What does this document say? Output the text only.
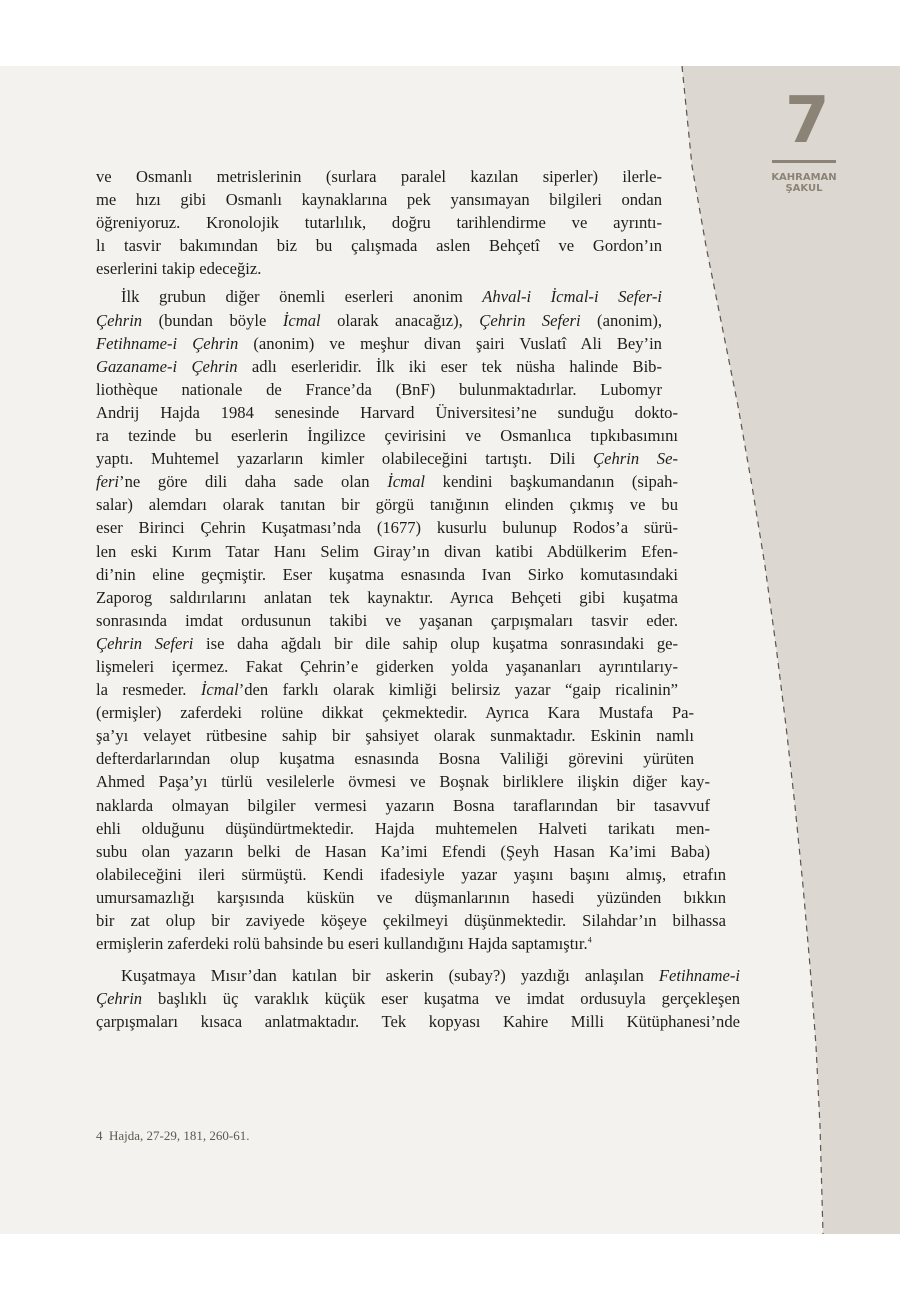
7
KAHRAMAN
ŞAKUL

ve Osmanlı metrislerinin (surlara paralel kazılan siperler) ilerle-
me hızı gibi Osmanlı kaynaklarına pek yansımayan bilgileri ondan
öğreniyoruz. Kronolojik tutarlılık, doğru tarihlendirme ve ayrıntı-
lı tasvir bakımından biz bu çalışmada aslen Behçetî ve Gordon’ın
eserlerini takip edeceğiz.

İlk grubun diğer önemli eserleri anonim Ahval-i İcmal-i Sefer-i
Çehrin (bundan böyle İcmal olarak anacağız), Çehrin Seferi (anonim),
Fetihname-i Çehrin (anonim) ve meşhur divan şairi Vuslatî Ali Bey’in
Gazaname-i Çehrin adlı eserleridir. İlk iki eser tek nüsha halinde Bib-
liothèque nationale de France’da (BnF) bulunmaktadırlar. Lubomyr
Andrij Hajda 1984 senesinde Harvard Üniversitesi’ne sunduğu dokto-
ra tezinde bu eserlerin İngilizce çevirisini ve Osmanlıca tıpkıbasımını
yaptı. Muhtemel yazarların kimler olabileceğini tartıştı. Dili Çehrin Se-
feri’ne göre dili daha sade olan İcmal kendini başkumandanın (sipah-
salar) alemdarı olarak tanıtan bir görgü tanığının elinden çıkmış ve bu
eser Birinci Çehrin Kuşatması’nda (1677) kusurlu bulunup Rodos’a sürü-
len eski Kırım Tatar Hanı Selim Giray’ın divan katibi Abdülkerim Efen-
di’nin eline geçmiştir. Eser kuşatma esnasında Ivan Sirko komutasındaki
Zaporog saldırılarını anlatan tek kaynaktır. Ayrıca Behçeti gibi kuşatma
sonrasında imdat ordusunun takibi ve yaşanan çarpışmaları tasvir eder.
Çehrin Seferi ise daha ağdalı bir dile sahip olup kuşatma sonrasındaki ge-
lişmeleri içermez. Fakat Çehrin’e giderken yolda yaşananları ayrıntılarıy-
la resmeder. İcmal’den farklı olarak kimliği belirsiz yazar “gaip ricalinin”
(ermişler) zaferdeki rolüne dikkat çekmektedir. Ayrıca Kara Mustafa Pa-
şa’yı velayet rütbesine sahip bir şahsiyet olarak sunmaktadır. Eskinin namlı
defterdarlarından olup kuşatma esnasında Bosna Valiliği görevini yürüten
Ahmed Paşa’yı türlü vesilelerle övmesi ve Boşnak birliklere ilişkin diğer kay-
naklarda olmayan bilgiler vermesi yazarın Bosna taraflarından bir tasavvuf
ehli olduğunu düşündürtmektedir. Hajda muhtemelen Halveti tarikatı men-
subu olan yazarın belki de Hasan Ka’imi Efendi (Şeyh Hasan Ka’imi Baba)
olabileceğini ileri sürmüştü. Kendi ifadesiyle yazar yaşını başını almış, etrafın
umursamazlığı karşısında küskün ve düşmanlarının hasedi yüzünden bıkkın
bir zat olup bir zaviyede köşeye çekilmeyi düşünmektedir. Silahdar’ın bilhassa
ermişlerin zaferdeki rolü bahsinde bu eseri kullandığını Hajda saptamıştır.$^4$

Kuşatmaya Mısır’dan katılan bir askerin (subay?) yazdığı anlaşılan Fetihname-i
Çehrin başlıklı üç varaklık küçük eser kuşatma ve imdat ordusuyla gerçekleşen
çarpışmaları kısaca anlatmaktadır. Tek kopyası Kahire Milli Kütüphanesi’nde

4 Hajda, 27-29, 181, 260-61.
